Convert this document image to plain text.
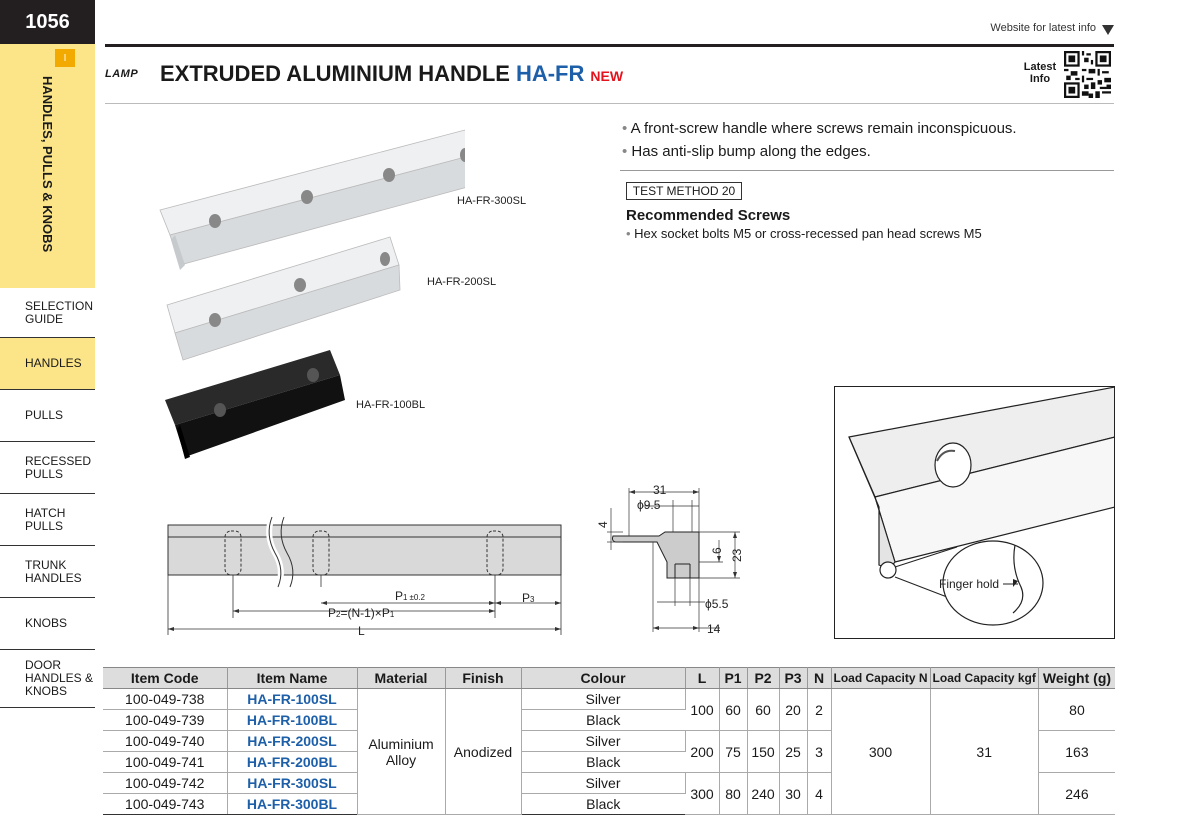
1056
I
HANDLES, PULLS & KNOBS
SELECTION
GUIDE
HANDLES
PULLS
RECESSED
PULLS
HATCH
PULLS
TRUNK
HANDLES
KNOBS
DOOR
HANDLES &
KNOBS
Website for latest info
LAMP EXTRUDED ALUMINIUM HANDLE HA-FR NEW
Latest
Info
• A front-screw handle where screws remain inconspicuous.
• Has anti-slip bump along the edges.
TEST METHOD 20
Recommended Screws
• Hex socket bolts M5 or cross-recessed pan head screws M5
HA-FR-300SL
HA-FR-200SL
HA-FR-100BL
P1 ±0.2
P2=(N-1)×P1
P3
L
31
ϕ9.5
4
6 23
ϕ5.5
14
Finger hold
Item Code	Item Name	Material	Finish	Colour	L	P1	P2	P3	N	Load Capacity N	Load Capacity kgf	Weight (g)
100-049-738	HA-FR-100SL	Aluminium
Alloy	Anodized	Silver	100	60	60	20	2	300	31	80
100-049-739	HA-FR-100BL			Black								
100-049-740	HA-FR-200SL			Silver	200	75	150	25	3			163
100-049-741	HA-FR-200BL			Black								
100-049-742	HA-FR-300SL			Silver	300	80	240	30	4			246
100-049-743	HA-FR-300BL			Black								
